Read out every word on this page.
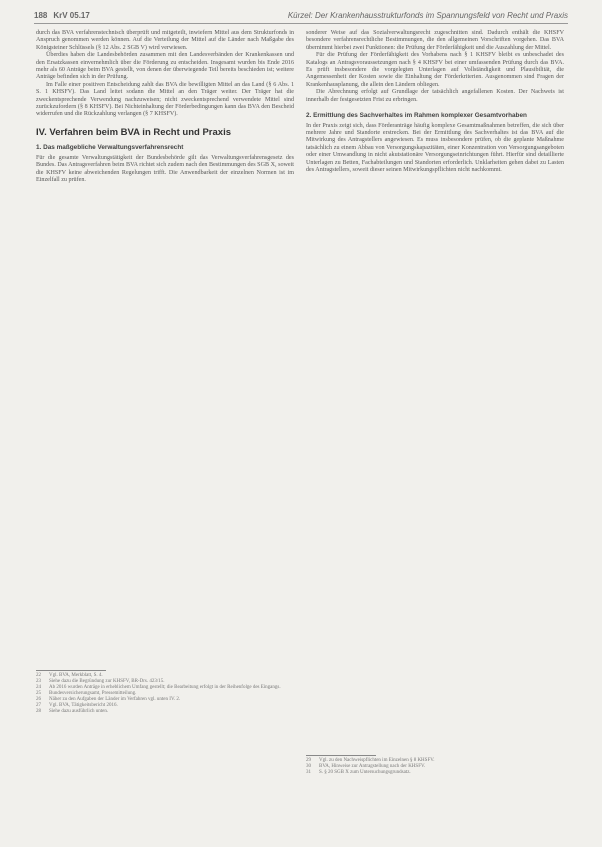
188 KrV 05.17	Kürzel: Der Krankenhausstrukturfonds im Spannungsfeld von Recht und Praxis

durch das BVA verfahrenstechnisch überprüft und mitgeteilt, inwiefern Mittel aus dem Strukturfonds in Anspruch genommen werden können. Auf die Verteilung der Mittel auf die Länder nach Maßgabe des Königsteiner Schlüssels (§ 12 Abs. 2 SGB V) wird verwiesen.

Überdies haben die Landesbehörden zusammen mit den Landesverbänden der Krankenkassen und den Ersatzkassen einvernehmlich über die Förderung zu entscheiden. Insgesamt wurden bis Ende 2016 mehr als 60 Anträge beim BVA gestellt, von denen der überwiegende Teil bereits beschieden ist; weitere Anträge befinden sich in der Prüfung.

Im Falle einer positiven Entscheidung zahlt das BVA die bewilligten Mittel an das Land (§ 6 Abs. 1 S. 1 KHSFV). Das Land leitet sodann die Mittel an den Träger weiter. Der Träger hat die zweckentsprechende Verwendung nachzuweisen; nicht zweckentsprechend verwendete Mittel sind zurückzufordern (§ 8 KHSFV). Bei Nichteinhaltung der Förderbedingungen kann das BVA den Bescheid widerrufen und die Rückzahlung verlangen (§ 7 KHSFV).

IV. Verfahren beim BVA in Recht und Praxis
1. Das maßgebliche Verwaltungsverfahrensrecht

Für die gesamte Verwaltungstätigkeit der Bundesbehörde gilt das Verwaltungsverfahrensgesetz des Bundes. Das Antragsverfahren beim BVA richtet sich zudem nach den Bestimmungen des SGB X, soweit die KHSFV keine abweichenden Regelungen trifft. Die Anwendbarkeit der einzelnen Normen ist im Einzelfall zu prüfen.

sonderer Weise auf das Sozialverwaltungsrecht zugeschnitten sind. Dadurch enthält die KHSFV besondere verfahrensrechtliche Bestimmungen, die den allgemeinen Vorschriften vorgehen. Das BVA übernimmt hierbei zwei Funktionen: die Prüfung der Förderfähigkeit und die Auszahlung der Mittel.

Für die Prüfung der Förderfähigkeit des Vorhabens nach § 1 KHSFV bleibt es unbeschadet des Katalogs an Antragsvoraussetzungen nach § 4 KHSFV bei einer umfassenden Prüfung durch das BVA. Es prüft insbesondere die vorgelegten Unterlagen auf Vollständigkeit und Plausibilität, die Angemessenheit der Kosten sowie die Einhaltung der Förderkriterien. Ausgenommen sind Fragen der Krankenhausplanung, die allein den Ländern obliegen.

Die Abrechnung erfolgt auf Grundlage der tatsächlich angefallenen Kosten. Der Nachweis ist innerhalb der festgesetzten Frist zu erbringen.

2. Ermittlung des Sachverhaltes im Rahmen komplexer Gesamtvorhaben

In der Praxis zeigt sich, dass Förderanträge häufig komplexe Gesamtmaßnahmen betreffen, die sich über mehrere Jahre und Standorte erstrecken. Bei der Ermittlung des Sachverhaltes ist das BVA auf die Mitwirkung des Antragstellers angewiesen. Es muss insbesondere prüfen, ob die geplante Maßnahme tatsächlich zu einem Abbau von Versorgungskapazitäten, einer Konzentration von Versorgungsangeboten oder einer Umwandlung in nicht akutstationäre Versorgungseinrichtungen führt. Hierfür sind detaillierte Unterlagen zu Betten, Fachabteilungen und Standorten erforderlich. Unklarheiten gehen dabei zu Lasten des Antragstellers, soweit dieser seinen Mitwirkungspflichten nicht nachkommt.

22	Vgl. BVA, Merkblatt, S. 4.
23	Siehe dazu die Begründung zur KHSFV, BR-Drs. 423/15.
24	Ab 2016 wurden Anträge in erheblichem Umfang gestellt; die Bearbeitung erfolgt in der Reihenfolge des Eingangs.
25	Bundesversicherungsamt, Pressemitteilung.
26	Näher zu den Aufgaben der Länder im Verfahren vgl. unten IV. 2.
27	Vgl. BVA, Tätigkeitsbericht 2016.
28	Siehe dazu ausführlich unten.
29	Vgl. zu den Nachweispflichten im Einzelnen § 8 KHSFV.
30	BVA, Hinweise zur Antragstellung nach der KHSFV.
31	S. § 20 SGB X zum Untersuchungsgrundsatz.
